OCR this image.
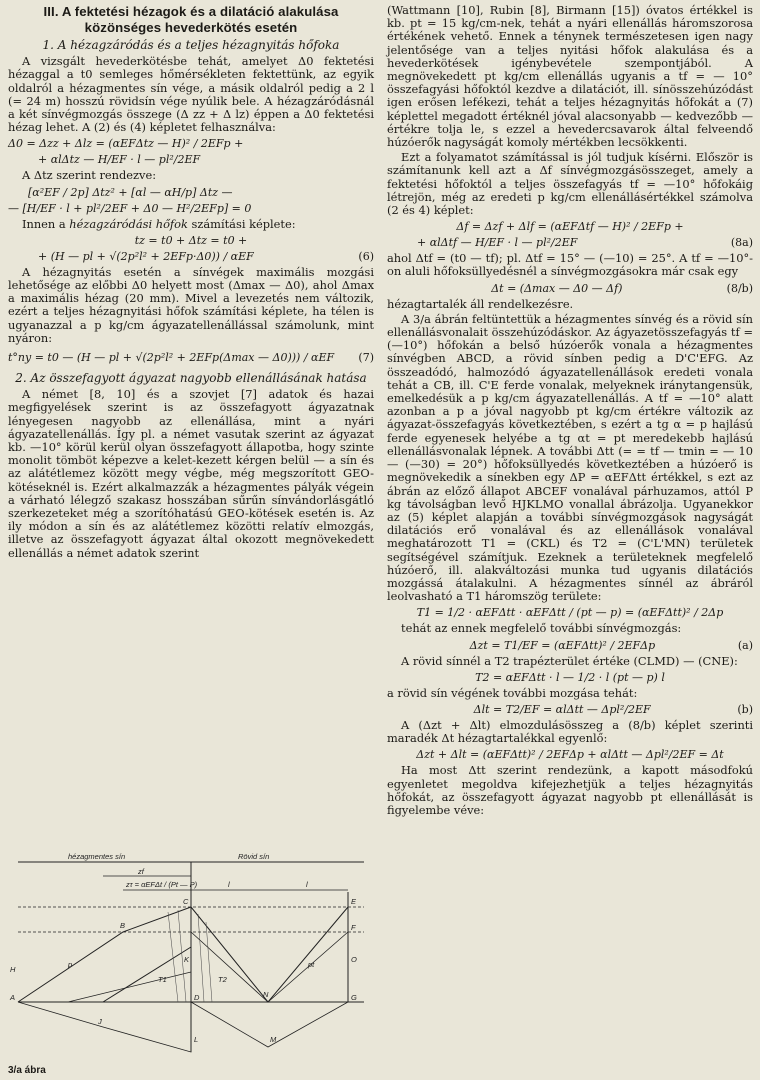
III. A fektetési hézagok és a dilatáció alakulása
közönséges hevederkötés esetén
1. A hézagzáródás és a teljes hézagnyitás hőfoka

A vizsgált hevederkötésbe tehát, amelyet Δ0 fektetési hézaggal a t0 semleges hőmérsékleten fektettünk, az egyik oldalról a hézagmentes sín vége, a másik oldalról pedig a 2 l (= 24 m) hosszú rövidsín vége nyúlik bele. A hézagzáródásnál a két sínvégmozgás összege (Δ zz + Δ lz) éppen a Δ0 fektetési hézag lehet. A (2) és (4) képletet felhasználva:

Δ0 = Δzz + Δlz = (αEFΔtz — H)² / 2EFp +
+ αlΔtz — H/EF · l — pl²/2EF

A Δtz szerint rendezve:

[α²EF / 2p] Δtz² + [αl — αH/p] Δtz —
— [H/EF · l + pl²/2EF + Δ0 — H²/2EFp] = 0

Innen a hézagzáródási hőfok számítási képlete:

tz = t0 + Δtz = t0 +
+ (H — pl + √(2p²l² + 2EFp·Δ0)) / αEF	(6)

A hézagnyitás esetén a sínvégek maximális mozgási lehetősége az előbbi Δ0 helyett most (Δmax — Δ0), ahol Δmax a maximális hézag (20 mm). Mivel a levezetés nem változik, ezért a teljes hézagnyitási hőfok számítási képlete, ha télen is ugyanazzal a p kg/cm ágyazatellenállással számolunk, mint nyáron:

t°ny = t0 — (H — pl + √(2p²l² + 2EFp(Δmax — Δ0))) / αEF (7)
2. Az összefagyott ágyazat nagyobb ellenállásának hatása

A német [8, 10] és a szovjet [7] adatok és hazai megfigyelések szerint is az összefagyott ágyazatnak lényegesen nagyobb az ellenállása, mint a nyári ágyazatellenállás. Így pl. a német vasutak szerint az ágyazat kb. —10° körül kerül olyan összefagyott állapotba, hogy szinte monolit tömböt képezve a kelet-kezett kérgen belül — a sín és az alátétlemez között megy végbe, még megszorított GEO-kötéseknél is. Ezért alkalmazzák a hézagmentes pályák végein a várható lélegző szakasz hosszában sűrűn sínvándorlásgátló szerkezeteket még a szorítóhatású GEO-kötések esetén is. Az ily módon a sín és az alátétlemez közötti relatív elmozgás, illetve az összefagyott ágyazat által okozott megnövekedett ellenállás a német adatok szerint

hézagmentes sín	Rövid sín
zf
zτ = αEFΔt / (Pt — P)	l	l
A
H
B
C
D
E
F
G
J
K
L	M
N
O
T1	T2
p	pt
3/a ábra

(Wattmann [10], Rubin [8], Birmann [15]) óvatos értékkel is kb. pt = 15 kg/cm-nek, tehát a nyári ellenállás háromszorosa értékének vehető. Ennek a ténynek természetesen igen nagy jelentősége van a teljes nyitási hőfok alakulása és a hevederkötések igénybevétele szempontjából. A megnövekedett pt kg/cm ellenállás ugyanis a tf = — 10° összefagyási hőfoktól kezdve a dilatációt, ill. sínösszehúzódást igen erősen lefékezi, tehát a teljes hézagnyitás hőfokát a (7) képlettel megadott értéknél jóval alacsonyabb — kedvezőbb — értékre tolja le, s ezzel a hevedercsavarok által felveendő húzóerők nagyságát komoly mértékben lecsökkenti.

Ezt a folyamatot számítással is jól tudjuk kísérni. Először is számítanunk kell azt a Δf sínvégmozgásösszeget, amely a fektetési hőfoktól a teljes összefagyás tf = —10° hőfokáig létrejön, még az eredeti p kg/cm ellenállásértékkel számolva (2 és 4) képlet:

Δf = Δzf + Δlf = (αEFΔtf — H)² / 2EFp +
+ αlΔtf — H/EF · l — pl²/2EF	(8a)

ahol Δtf = (t0 — tf); pl. Δtf = 15° — (—10) = 25°. A tf = —10°-on aluli hőfoksüllyedésnél a sínvégmozgásokra már csak egy

Δt = (Δmax — Δ0 — Δf)	(8/b)

hézagtartalék áll rendelkezésre.

A 3/a ábrán feltüntettük a hézagmentes sínvég és a rövid sín ellenállásvonalait összehúzódáskor. Az ágyazetösszefagyás tf = (—10°) hőfokán a belső húzóerők vonala a hézagmentes sínvégben ABCD, a rövid sínben pedig a D'C'EFG. Az összeadódó, halmozódó ágyazatellenállások eredeti vonala tehát a CB, ill. C'E ferde vonalak, melyeknek iránytangensük, emelkedésük a p kg/cm ágyazatellenállás. A tf = —10° alatt azonban a p a jóval nagyobb pt kg/cm értékre változik az ágyazat-összefagyás következtében, s ezért a tg α = p hajlású ferde egyenesek helyébe a tg αt = pt meredekebb hajlású ellenállásvonalak lépnek. A további Δtt (= = tf — tmin = — 10 — (—30) = 20°) hőfoksüllyedés következtében a húzóerő is megnövekedik a sínekben egy ΔP = αEFΔtt értékkel, s ezt az ábrán az előző állapot ABCEF vonalával párhuzamos, attól P kg távolságban levő HJKLMO vonallal ábrázolja. Ugyanekkor az (5) képlet alapján a további sínvégmozgások nagyságát dilatációs erő vonalával és az ellenállások vonalával meghatározott T1 = (CKL) és T2 = (C'L'MN) területek segítségével számítjuk. Ezeknek a területeknek megfelelő húzóerő, ill. alakváltozási munka tud ugyanis dilatációs mozgássá átalakulni. A hézagmentes sínnél az ábráról leolvasható a T1 háromszög területe:

T1 = 1/2 · αEFΔtt · αEFΔtt / (pt — p) = (αEFΔtt)² / 2Δp

tehát az ennek megfelelő további sínvégmozgás:

Δzt = T1/EF = (αEFΔtt)² / 2EFΔp	(a)

A rövid sínnél a T2 trapézterület értéke (CLMD) — (CNE):

T2 = αEFΔtt · l — 1/2 · l (pt — p) l

a rövid sín végének további mozgása tehát:

Δlt = T2/EF = αlΔtt — Δpl²/2EF	(b)

A (Δzt + Δlt) elmozdulásösszeg a (8/b) képlet szerinti maradék Δt hézagtartalékkal egyenlő:

Δzt + Δlt = (αEFΔtt)² / 2EFΔp + αlΔtt — Δpl²/2EF = Δt

Ha most Δtt szerint rendezünk, a kapott másodfokú egyenletet megoldva kifejezhetjük a teljes hézagnyitás hőfokát, az összefagyott ágyazat nagyobb pt ellenállását is figyelembe véve:
